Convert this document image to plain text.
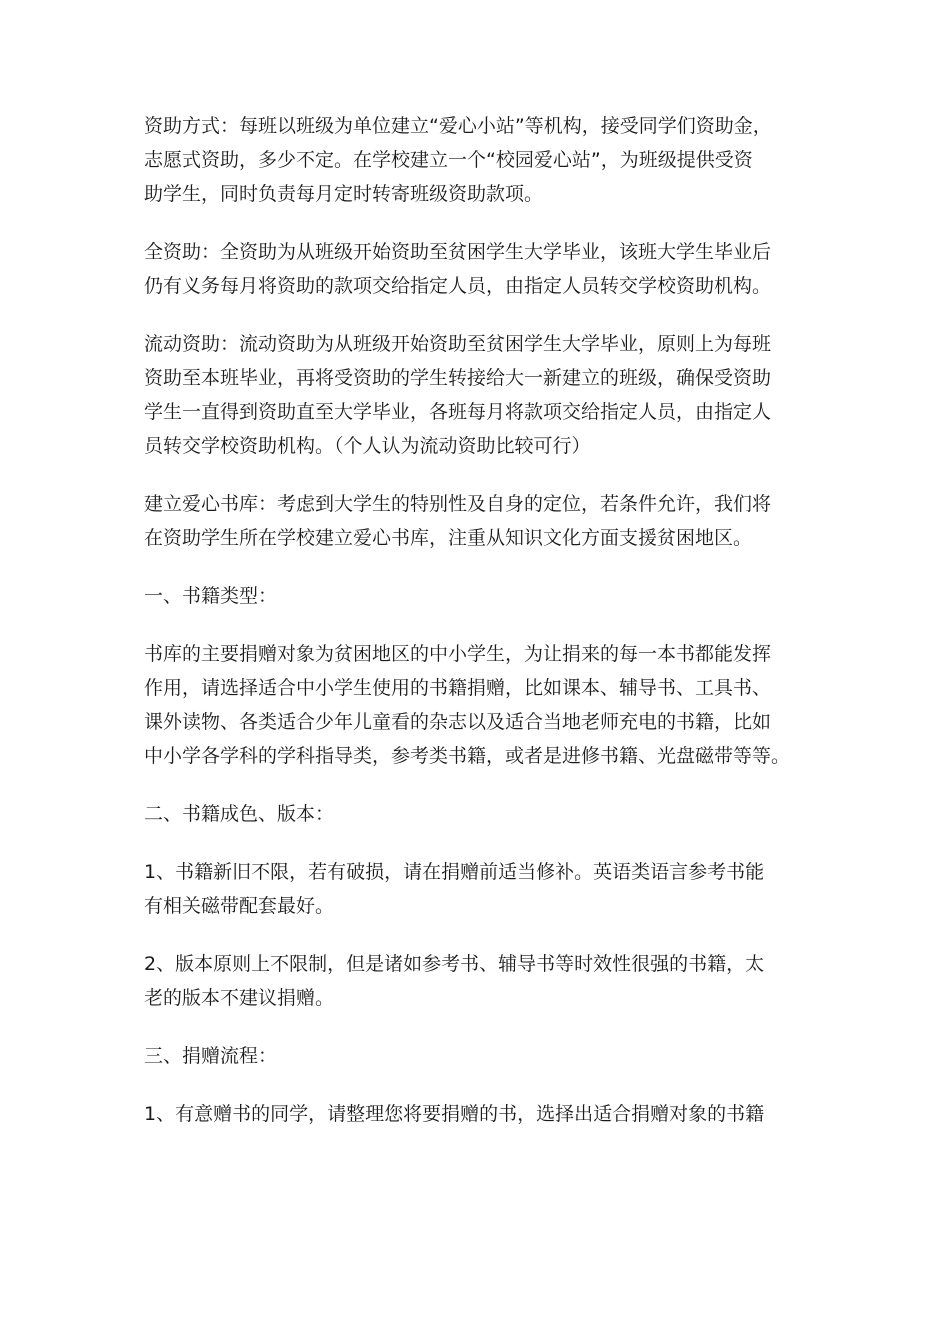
资助方式：每班以班级为单位建立“爱心小站”等机构，接受同学们资助金，
志愿式资助，多少不定。在学校建立一个“校园爱心站”，为班级提供受资
助学生，同时负责每月定时转寄班级资助款项。

全资助：全资助为从班级开始资助至贫困学生大学毕业，该班大学生毕业后
仍有义务每月将资助的款项交给指定人员，由指定人员转交学校资助机构。

流动资助：流动资助为从班级开始资助至贫困学生大学毕业，原则上为每班
资助至本班毕业，再将受资助的学生转接给大一新建立的班级，确保受资助
学生一直得到资助直至大学毕业，各班每月将款项交给指定人员，由指定人
员转交学校资助机构。（个人认为流动资助比较可行）

建立爱心书库：考虑到大学生的特别性及自身的定位，若条件允许，我们将
在资助学生所在学校建立爱心书库，注重从知识文化方面支援贫困地区。

一、书籍类型：

书库的主要捐赠对象为贫困地区的中小学生，为让捐来的每一本书都能发挥
作用，请选择适合中小学生使用的书籍捐赠，比如课本、辅导书、工具书、
课外读物、各类适合少年儿童看的杂志以及适合当地老师充电的书籍，比如
中小学各学科的学科指导类，参考类书籍，或者是进修书籍、光盘磁带等等。

二、书籍成色、版本：

1、书籍新旧不限，若有破损，请在捐赠前适当修补。英语类语言参考书能
有相关磁带配套最好。

2、版本原则上不限制，但是诸如参考书、辅导书等时效性很强的书籍，太
老的版本不建议捐赠。

三、捐赠流程：

1、有意赠书的同学，请整理您将要捐赠的书，选择出适合捐赠对象的书籍
